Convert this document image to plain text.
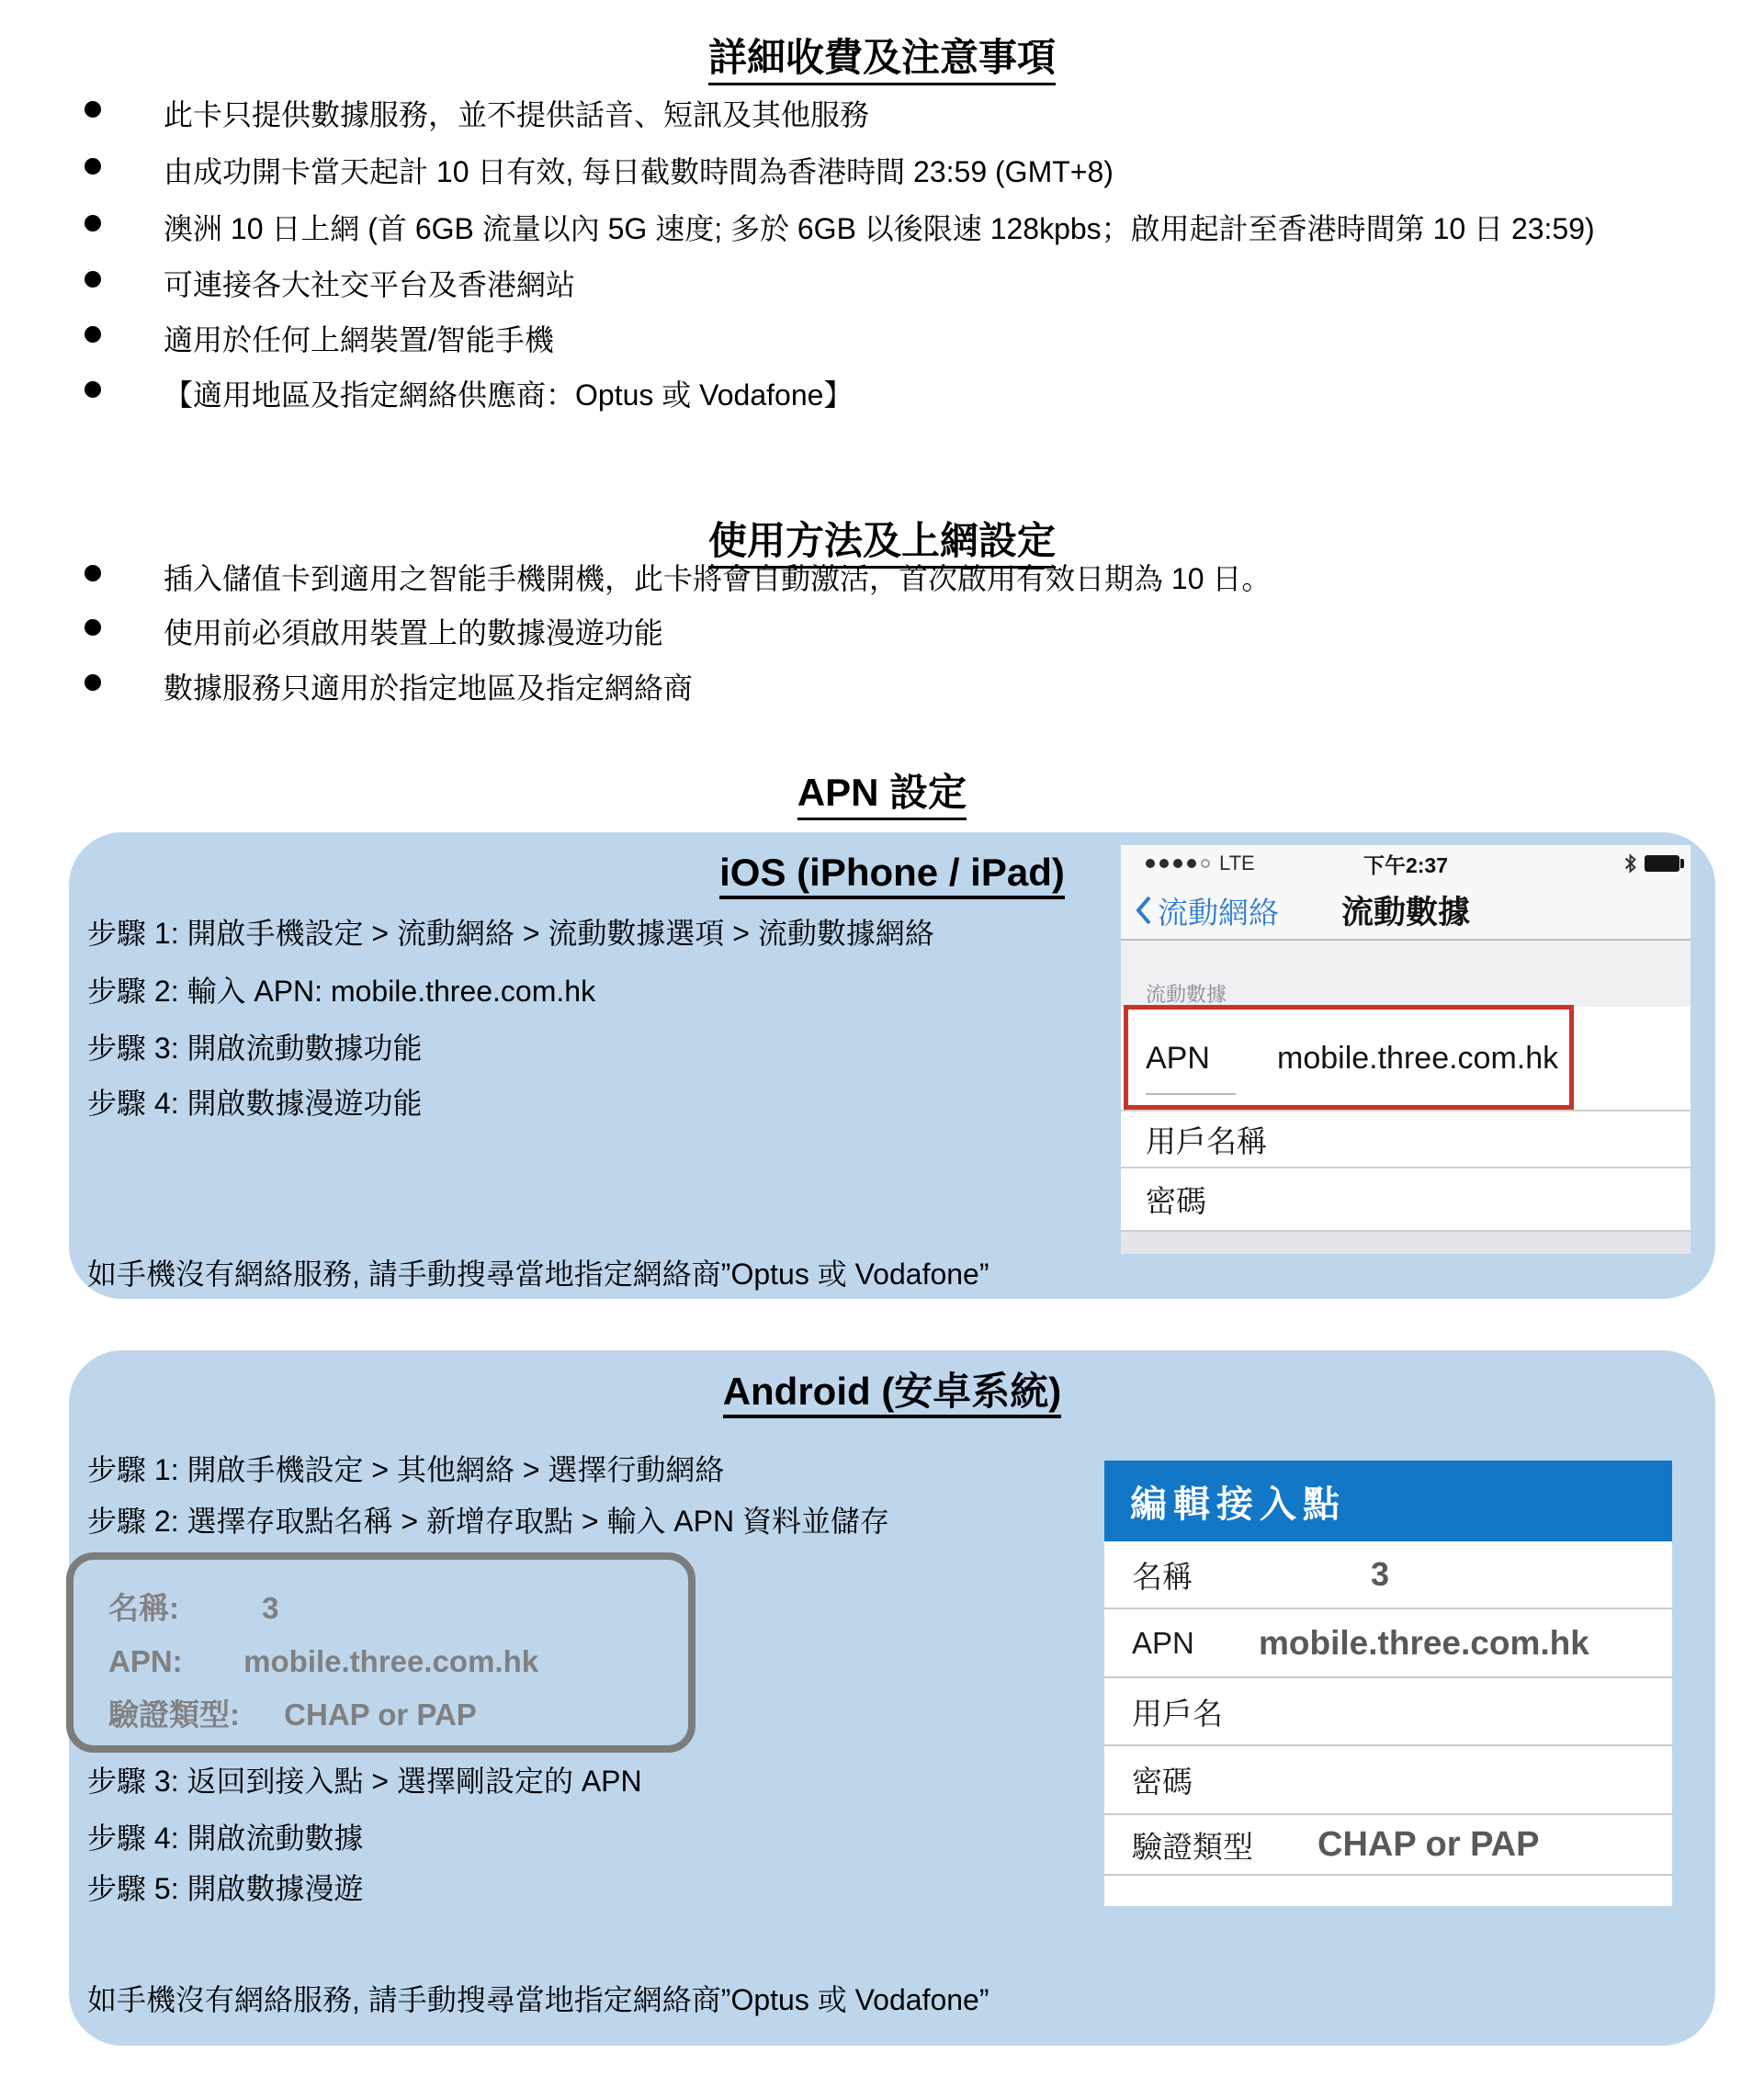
詳細收費及注意事項
此卡只提供數據服務，並不提供話音、短訊及其他服務
由成功開卡當天起計 10 日有效, 每日截數時間為香港時間 23:59 (GMT+8)
澳洲 10 日上網 (首 6GB 流量以內 5G 速度; 多於 6GB 以後限速 128kpbs；啟用起計至香港時間第 10 日 23:59)
可連接各大社交平台及香港網站
適用於任何上網裝置/智能手機
【適用地區及指定網絡供應商：Optus 或 Vodafone】
使用方法及上網設定
插入儲值卡到適用之智能手機開機，此卡將會自動激活，首次啟用有效日期為 10 日。
使用前必須啟用裝置上的數據漫遊功能
數據服務只適用於指定地區及指定網絡商
APN 設定
iOS (iPhone / iPad)
步驟 1: 開啟手機設定 > 流動網絡 > 流動數據選項 > 流動數據網絡
步驟 2: 輸入 APN: mobile.three.com.hk
步驟 3: 開啟流動數據功能
步驟 4: 開啟數據漫遊功能
如手機沒有網絡服務, 請手動搜尋當地指定網絡商”Optus 或 Vodafone”
LTE	下午2:37
流動網絡	流動數據
流動數據
APN mobile.three.com.hk
用戶名稱
密碼
Android (安卓系統)
步驟 1: 開啟手機設定 > 其他網絡 > 選擇行動網絡
步驟 2: 選擇存取點名稱 > 新增存取點 > 輸入 APN 資料並儲存
名稱:	3
APN: mobile.three.com.hk
驗證類型: CHAP or PAP
步驟 3: 返回到接入點 > 選擇剛設定的 APN
步驟 4: 開啟流動數據
步驟 5: 開啟數據漫遊
如手機沒有網絡服務, 請手動搜尋當地指定網絡商”Optus 或 Vodafone”
編輯接入點
名稱	3
APN mobile.three.com.hk
用戶名
密碼
驗證類型 CHAP or PAP
